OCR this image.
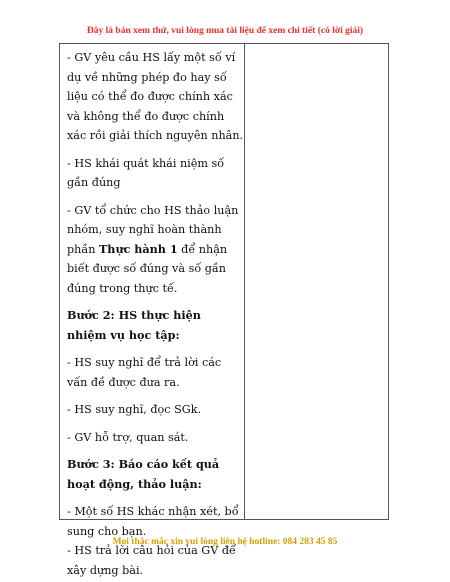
Đây là bản xem thử, vui lòng mua tài liệu để xem chi tiết (có lời giải)

- GV yêu cầu HS lấy một số ví dụ về những phép đo hay số liệu có thể đo được chính xác và không thể đo được chính xác rồi giải thích nguyên nhân.

- HS khái quát khái niệm số gần đúng

- GV tổ chức cho HS thảo luận nhóm, suy nghĩ hoàn thành phần Thực hành 1 để nhận biết được số đúng và số gần đúng trong thực tế.

Bước 2: HS thực hiện nhiệm vụ học tập:

- HS suy nghĩ để trả lời các vấn đề được đưa ra.

- HS suy nghĩ, đọc SGk.

- GV hỗ trợ, quan sát.

Bước 3: Báo cáo kết quả hoạt động, thảo luận:

- Một số HS khác nhận xét, bổ sung cho bạn.

- HS trả lời câu hỏi của GV để xây dựng bài.

Mọi thắc mắc xin vui lòng liên hệ hotline: 084 283 45 85
